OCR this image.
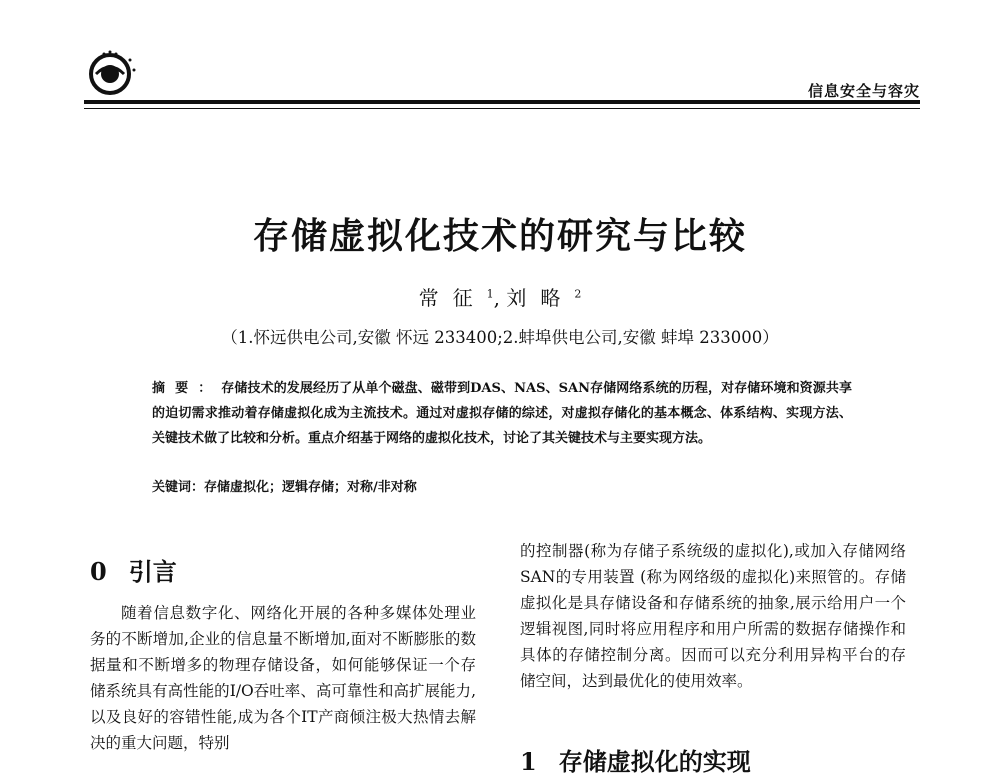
信息安全与容灾
存储虚拟化技术的研究与比较
常征$^1$, 刘略$^2$
（1.怀远供电公司,安徽 怀远 233400;2.蚌埠供电公司,安徽 蚌埠 233000）
摘要：存储技术的发展经历了从单个磁盘、磁带到DAS、NAS、SAN存储网络系统的历程，对存储环境和资源共享的迫切需求推动着存储虚拟化成为主流技术。通过对虚拟存储的综述，对虚拟存储化的基本概念、体系结构、实现方法、关键技术做了比较和分析。重点介绍基于网络的虚拟化技术，讨论了其关键技术与主要实现方法。
关键词：存储虚拟化；逻辑存储；对称/非对称
0 引言

随着信息数字化、网络化开展的各种多媒体处理业务的不断增加,企业的信息量不断增加,面对不断膨胀的数据量和不断增多的物理存储设备，如何能够保证一个存储系统具有高性能的I/O吞吐率、高可靠性和高扩展能力,以及良好的容错性能,成为各个IT产商倾注极大热情去解决的重大问题，特别

的控制器(称为存储子系统级的虚拟化),或加入存储网络SAN的专用装置 (称为网络级的虚拟化)来照管的。存储虚拟化是具存储设备和存储系统的抽象,展示给用户一个逻辑视图,同时将应用程序和用户所需的数据存储操作和具体的存储控制分离。因而可以充分利用异构平台的存储空间，达到最优化的使用效率。

1 存储虚拟化的实现
